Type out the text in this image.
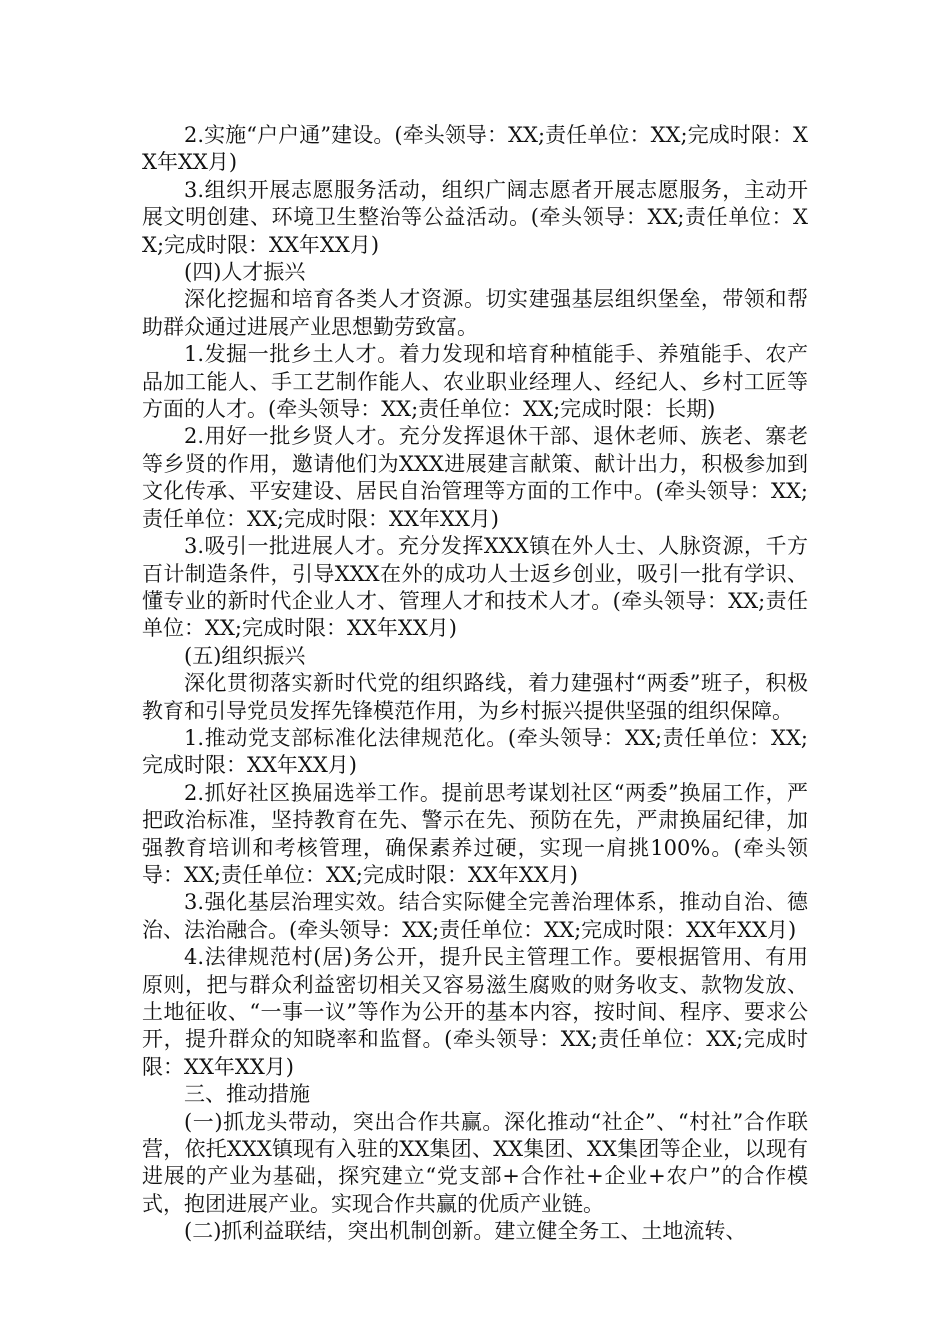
2.实施“户户通”建设。(牵头领导：XX;责任单位：XX;完成时限：XX年XX月)

3.组织开展志愿服务活动，组织广阔志愿者开展志愿服务，主动开展文明创建、环境卫生整治等公益活动。(牵头领导：XX;责任单位：XX;完成时限：XX年XX月)

(四)人才振兴

深化挖掘和培育各类人才资源。切实建强基层组织堡垒，带领和帮助群众通过进展产业思想勤劳致富。

1.发掘一批乡土人才。着力发现和培育种植能手、养殖能手、农产品加工能人、手工艺制作能人、农业职业经理人、经纪人、乡村工匠等方面的人才。(牵头领导：XX;责任单位：XX;完成时限：长期)

2.用好一批乡贤人才。充分发挥退休干部、退休老师、族老、寨老等乡贤的作用，邀请他们为XXX进展建言献策、献计出力，积极参加到文化传承、平安建设、居民自治管理等方面的工作中。(牵头领导：XX;责任单位：XX;完成时限：XX年XX月)

3.吸引一批进展人才。充分发挥XXX镇在外人士、人脉资源，千方百计制造条件，引导XXX在外的成功人士返乡创业，吸引一批有学识、懂专业的新时代企业人才、管理人才和技术人才。(牵头领导：XX;责任单位：XX;完成时限：XX年XX月)

(五)组织振兴

深化贯彻落实新时代党的组织路线，着力建强村“两委”班子，积极教育和引导党员发挥先锋模范作用，为乡村振兴提供坚强的组织保障。

1.推动党支部标准化法律规范化。(牵头领导：XX;责任单位：XX;完成时限：XX年XX月)

2.抓好社区换届选举工作。提前思考谋划社区“两委”换届工作，严把政治标准，坚持教育在先、警示在先、预防在先，严肃换届纪律，加强教育培训和考核管理，确保素养过硬，实现一肩挑100%。(牵头领导：XX;责任单位：XX;完成时限：XX年XX月)

3.强化基层治理实效。结合实际健全完善治理体系，推动自治、德治、法治融合。(牵头领导：XX;责任单位：XX;完成时限：XX年XX月)

4.法律规范村(居)务公开，提升民主管理工作。要根据管用、有用原则，把与群众利益密切相关又容易滋生腐败的财务收支、款物发放、土地征收、“一事一议”等作为公开的基本内容，按时间、程序、要求公开，提升群众的知晓率和监督。(牵头领导：XX;责任单位：XX;完成时限：XX年XX月)

三、推动措施

(一)抓龙头带动，突出合作共赢。深化推动“社企”、“村社”合作联营，依托XXX镇现有入驻的XX集团、XX集团、XX集团等企业，以现有进展的产业为基础，探究建立“党支部+合作社+企业+农户”的合作模式，抱团进展产业。实现合作共赢的优质产业链。

(二)抓利益联结，突出机制创新。建立健全务工、土地流转、
